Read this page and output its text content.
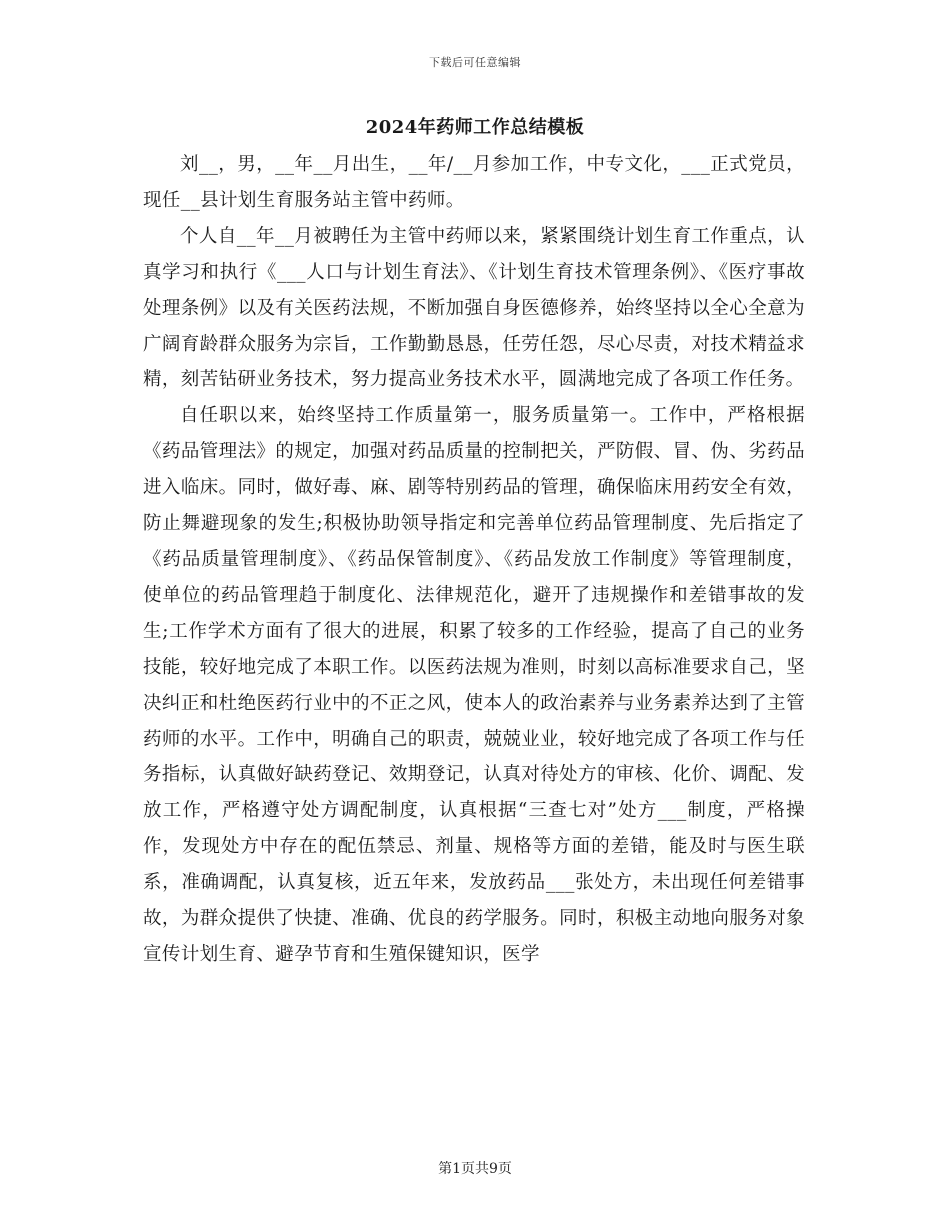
下载后可任意编辑
2024年药师工作总结模板

刘__，男，__年__月出生，__年/__月参加工作，中专文化，___正式党员，现任__县计划生育服务站主管中药师。

个人自__年__月被聘任为主管中药师以来，紧紧围绕计划生育工作重点，认真学习和执行《___人口与计划生育法》、《计划生育技术管理条例》、《医疗事故处理条例》以及有关医药法规，不断加强自身医德修养，始终坚持以全心全意为广阔育龄群众服务为宗旨，工作勤勤恳恳，任劳任怨，尽心尽责，对技术精益求精，刻苦钻研业务技术，努力提高业务技术水平，圆满地完成了各项工作任务。

自任职以来，始终坚持工作质量第一，服务质量第一。工作中，严格根据《药品管理法》的规定，加强对药品质量的控制把关，严防假、冒、伪、劣药品进入临床。同时，做好毒、麻、剧等特别药品的管理，确保临床用药安全有效，防止舞避现象的发生;积极协助领导指定和完善单位药品管理制度、先后指定了《药品质量管理制度》、《药品保管制度》、《药品发放工作制度》等管理制度，使单位的药品管理趋于制度化、法律规范化，避开了违规操作和差错事故的发生;工作学术方面有了很大的进展，积累了较多的工作经验，提高了自己的业务技能，较好地完成了本职工作。以医药法规为准则，时刻以高标准要求自己，坚决纠正和杜绝医药行业中的不正之风，使本人的政治素养与业务素养达到了主管药师的水平。工作中，明确自己的职责，兢兢业业，较好地完成了各项工作与任务指标，认真做好缺药登记、效期登记，认真对待处方的审核、化价、调配、发放工作，严格遵守处方调配制度，认真根据“三查七对”处方___制度，严格操作，发现处方中存在的配伍禁忌、剂量、规格等方面的差错，能及时与医生联系，准确调配，认真复核，近五年来，发放药品___张处方，未出现任何差错事故，为群众提供了快捷、准确、优良的药学服务。同时，积极主动地向服务对象宣传计划生育、避孕节育和生殖保键知识，医学

第1页共9页
